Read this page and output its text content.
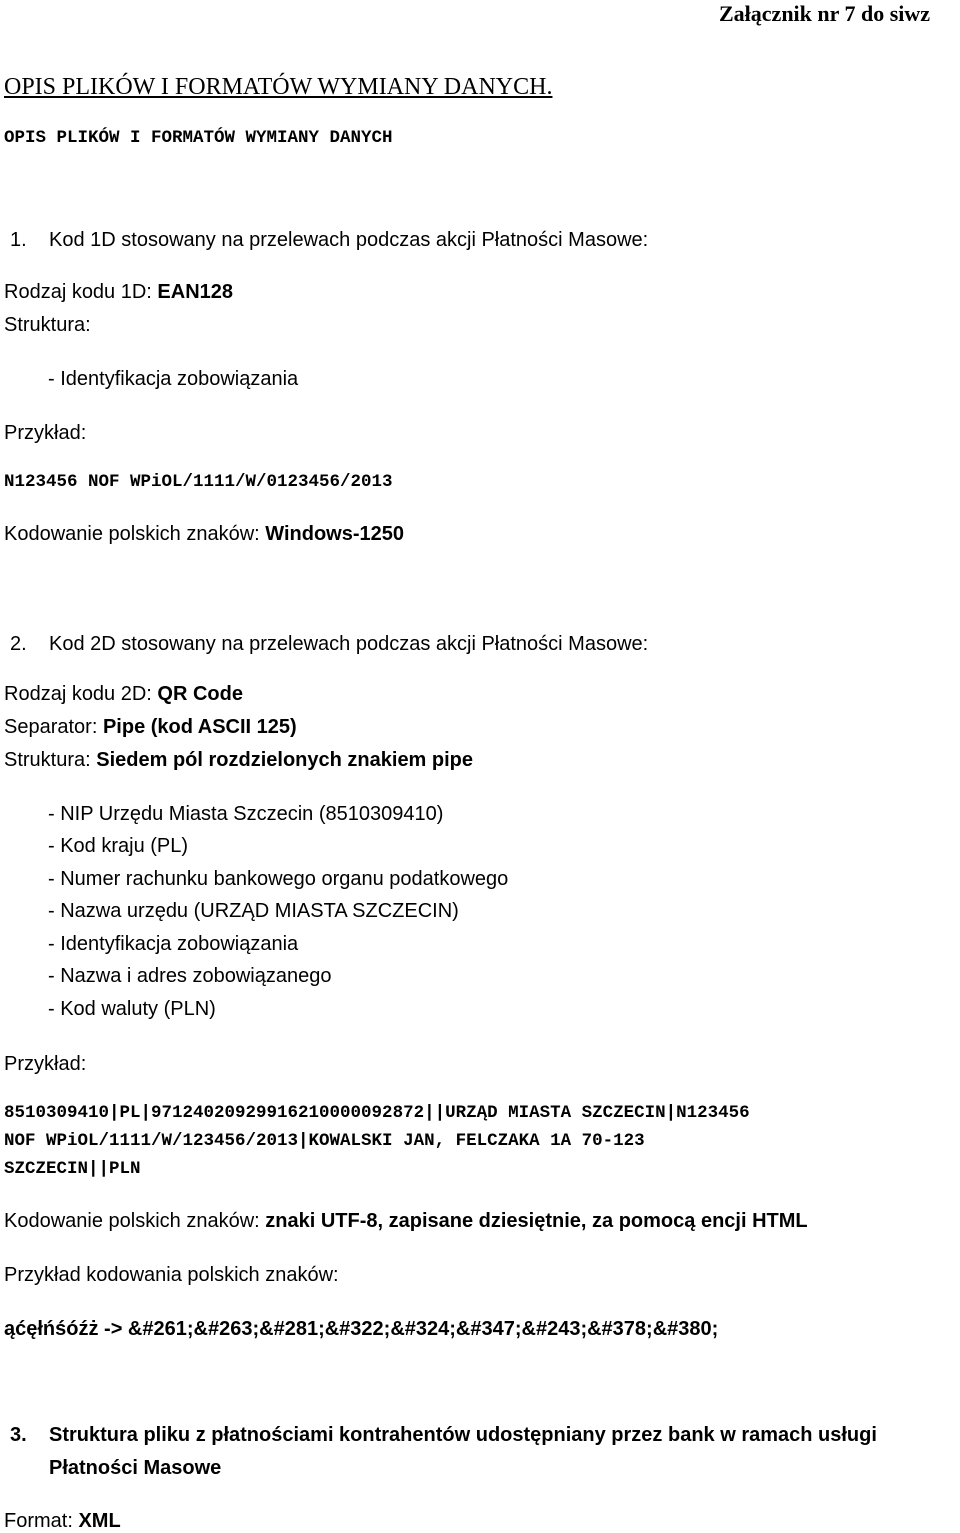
Załącznik nr 7 do siwz
OPIS PLIKÓW I FORMATÓW WYMIANY DANYCH.
OPIS PLIKÓW I FORMATÓW WYMIANY DANYCH
1. Kod 1D stosowany na przelewach podczas akcji Płatności Masowe:
Rodzaj kodu 1D: EAN128
Struktura:
- Identyfikacja zobowiązania
Przykład:
N123456 NOF WPiOL/1111/W/0123456/2013
Kodowanie polskich znaków: Windows-1250
2. Kod 2D stosowany na przelewach podczas akcji Płatności Masowe:
Rodzaj kodu 2D: QR Code
Separator: Pipe (kod ASCII 125)
Struktura: Siedem pól rozdzielonych znakiem pipe
- NIP Urzędu Miasta Szczecin (8510309410)
- Kod kraju (PL)
- Numer rachunku bankowego organu podatkowego
- Nazwa urzędu (URZĄD MIASTA SZCZECIN)
- Identyfikacja zobowiązania
- Nazwa i adres zobowiązanego
- Kod waluty (PLN)
Przykład:
8510309410|PL|97124020929916210000092872||URZĄD MIASTA SZCZECIN|N123456
NOF WPiOL/1111/W/123456/2013|KOWALSKI JAN, FELCZAKA 1A 70-123
SZCZECIN||PLN
Kodowanie polskich znaków: znaki UTF-8, zapisane dziesiętnie, za pomocą encji HTML
Przykład kodowania polskich znaków:
ąćęłńśóźż -> &#261;&#263;&#281;&#322;&#324;&#347;&#243;&#378;&#380;
3. Struktura pliku z płatnościami kontrahentów udostępniany przez bank w ramach usługi
Płatności Masowe
Format: XML
